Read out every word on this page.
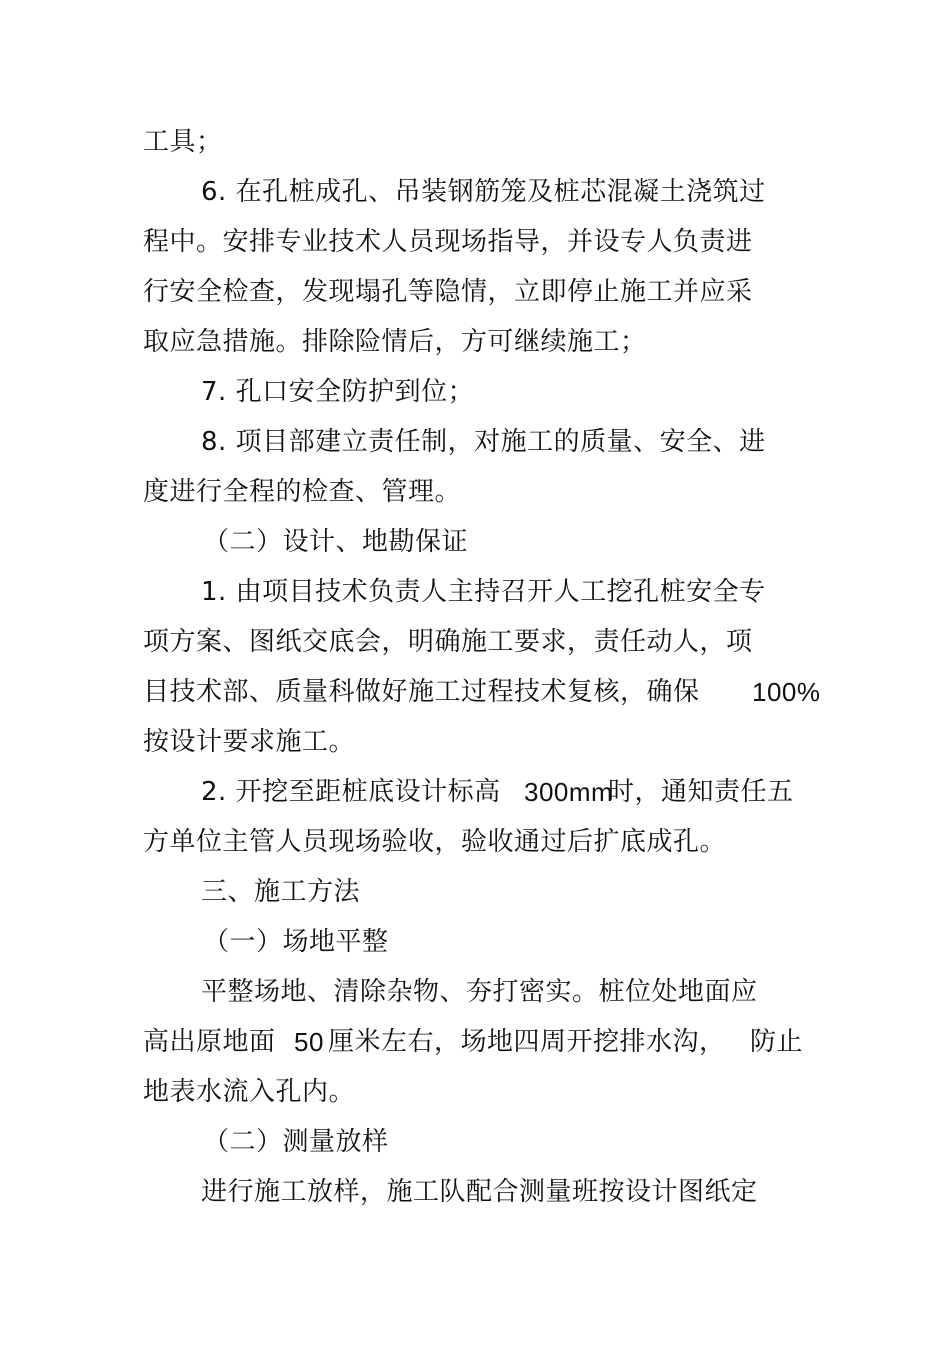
工具；
6. 在孔桩成孔、吊装钢筋笼及桩芯混凝土浇筑过
程中。安排专业技术人员现场指导，并设专人负责进
行安全检查，发现塌孔等隐情，立即停止施工并应采
取应急措施。排除险情后，方可继续施工；
7. 孔口安全防护到位；
8. 项目部建立责任制，对施工的质量、安全、进
度进行全程的检查、管理。
（二）设计、地勘保证
1. 由项目技术负责人主持召开人工挖孔桩安全专
项方案、图纸交底会，明确施工要求，责任动人，项
目技术部、质量科做好施工过程技术复核，确保 100%
按设计要求施工。
2. 开挖至距桩底设计标高 300mm
时，通知责任五
方单位主管人员现场验收，验收通过后扩底成孔。
三、施工方法
（一）场地平整
平整场地、清除杂物、夯打密实。桩位处地面应
高出原地面 50 厘米左右，场地四周开挖排水沟， 防止
地表水流入孔内。
（二）测量放样
进行施工放样，施工队配合测量班按设计图纸定
